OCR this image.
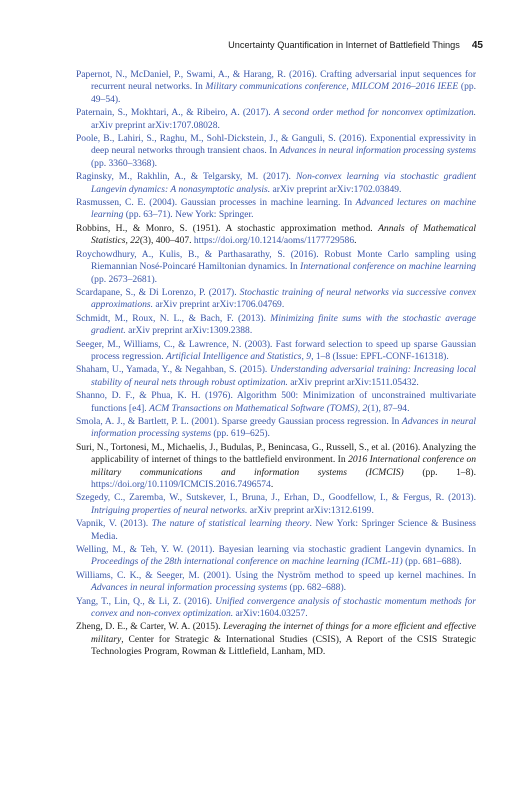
Uncertainty Quantification in Internet of Battlefield Things 45

Papernot, N., McDaniel, P., Swami, A., & Harang, R. (2016). Crafting adversarial input sequences for recurrent neural networks. In Military communications conference, MILCOM 2016–2016 IEEE (pp. 49–54).

Paternain, S., Mokhtari, A., & Ribeiro, A. (2017). A second order method for nonconvex optimization. arXiv preprint arXiv:1707.08028.

Poole, B., Lahiri, S., Raghu, M., Sohl-Dickstein, J., & Ganguli, S. (2016). Exponential expressivity in deep neural networks through transient chaos. In Advances in neural information processing systems (pp. 3360–3368).

Raginsky, M., Rakhlin, A., & Telgarsky, M. (2017). Non-convex learning via stochastic gradient Langevin dynamics: A nonasymptotic analysis. arXiv preprint arXiv:1702.03849.

Rasmussen, C. E. (2004). Gaussian processes in machine learning. In Advanced lectures on machine learning (pp. 63–71). New York: Springer.

Robbins, H., & Monro, S. (1951). A stochastic approximation method. Annals of Mathematical Statistics, 22(3), 400–407. https://doi.org/10.1214/aoms/1177729586.

Roychowdhury, A., Kulis, B., & Parthasarathy, S. (2016). Robust Monte Carlo sampling using Riemannian Nosé-Poincaré Hamiltonian dynamics. In International conference on machine learning (pp. 2673–2681).

Scardapane, S., & Di Lorenzo, P. (2017). Stochastic training of neural networks via successive convex approximations. arXiv preprint arXiv:1706.04769.

Schmidt, M., Roux, N. L., & Bach, F. (2013). Minimizing finite sums with the stochastic average gradient. arXiv preprint arXiv:1309.2388.

Seeger, M., Williams, C., & Lawrence, N. (2003). Fast forward selection to speed up sparse Gaussian process regression. Artificial Intelligence and Statistics, 9, 1–8 (Issue: EPFL-CONF-161318).

Shaham, U., Yamada, Y., & Negahban, S. (2015). Understanding adversarial training: Increasing local stability of neural nets through robust optimization. arXiv preprint arXiv:1511.05432.

Shanno, D. F., & Phua, K. H. (1976). Algorithm 500: Minimization of unconstrained multivariate functions [e4]. ACM Transactions on Mathematical Software (TOMS), 2(1), 87–94.

Smola, A. J., & Bartlett, P. L. (2001). Sparse greedy Gaussian process regression. In Advances in neural information processing systems (pp. 619–625).

Suri, N., Tortonesi, M., Michaelis, J., Budulas, P., Benincasa, G., Russell, S., et al. (2016). Analyzing the applicability of internet of things to the battlefield environment. In 2016 International conference on military communications and information systems (ICMCIS) (pp. 1–8). https://doi.org/10.1109/ICMCIS.2016.7496574.

Szegedy, C., Zaremba, W., Sutskever, I., Bruna, J., Erhan, D., Goodfellow, I., & Fergus, R. (2013). Intriguing properties of neural networks. arXiv preprint arXiv:1312.6199.

Vapnik, V. (2013). The nature of statistical learning theory. New York: Springer Science & Business Media.

Welling, M., & Teh, Y. W. (2011). Bayesian learning via stochastic gradient Langevin dynamics. In Proceedings of the 28th international conference on machine learning (ICML-11) (pp. 681–688).

Williams, C. K., & Seeger, M. (2001). Using the Nyström method to speed up kernel machines. In Advances in neural information processing systems (pp. 682–688).

Yang, T., Lin, Q., & Li, Z. (2016). Unified convergence analysis of stochastic momentum methods for convex and non-convex optimization. arXiv:1604.03257.

Zheng, D. E., & Carter, W. A. (2015). Leveraging the internet of things for a more efficient and effective military, Center for Strategic & International Studies (CSIS), A Report of the CSIS Strategic Technologies Program, Rowman & Littlefield, Lanham, MD.
